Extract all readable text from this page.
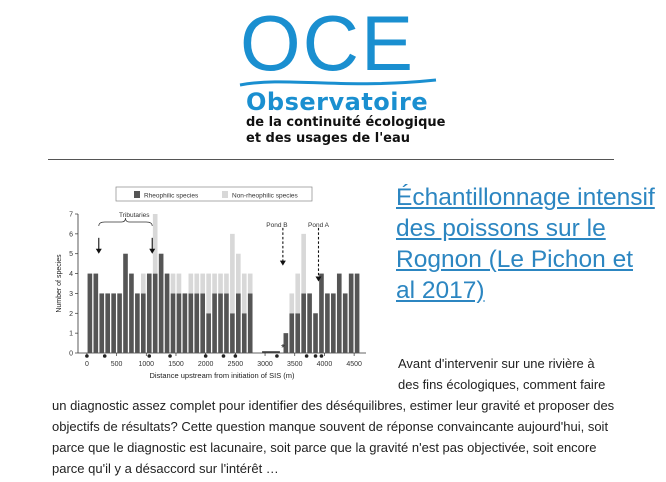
OCE
Observatoire
de la continuité écologique
et des usages de l'eau
Rheophilic species	Non-rheophilic species
0
1
2
3
4
5
6
7
0	500 1000 1500 2000 2500 3000 3500 4000 4500
Distance upstream from initiation of SIS (m)
Number of species
*
Tributaries
Pond B	Pond A
Échantillonnage intensif des poissons sur le Rognon (Le Pichon et al 2017)
Avant d'intervenir sur une rivière à
des fins écologiques, comment faire
un diagnostic assez complet pour identifier des déséquilibres, estimer leur gravité et proposer des
objectifs de résultats? Cette question manque souvent de réponse convaincante aujourd'hui, soit
parce que le diagnostic est lacunaire, soit parce que la gravité n'est pas objectivée, soit encore
parce qu'il y a désaccord sur l'intérêt …
